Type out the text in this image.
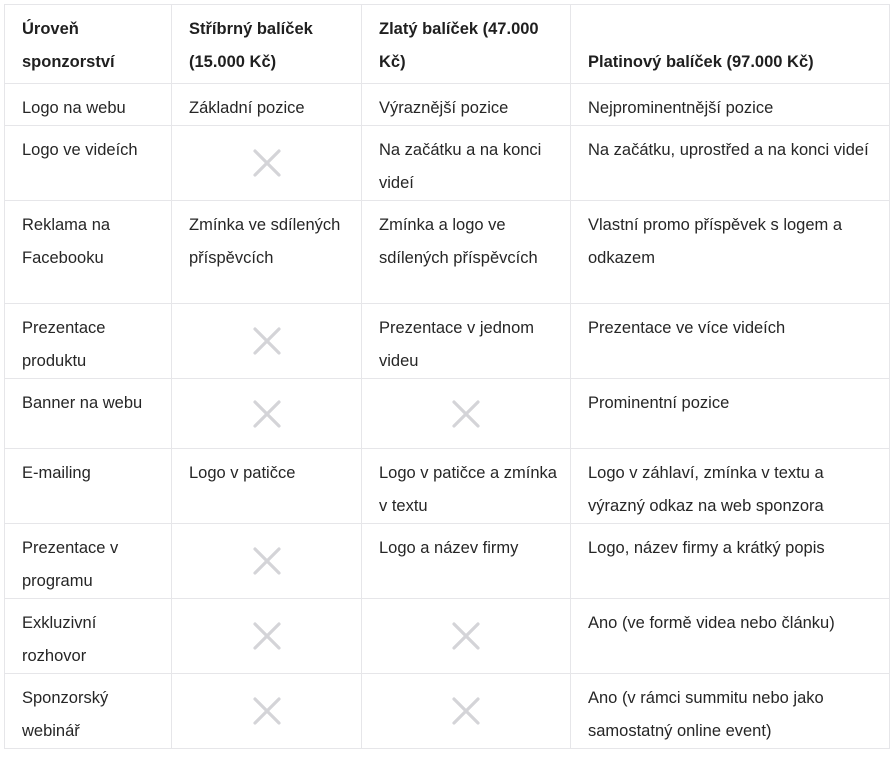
Úroveň sponzorství	Stříbrný balíček (15.000 Kč)	Zlatý balíček (47.000 Kč)	Platinový balíček (97.000 Kč)
Logo na webu	Základní pozice	Výraznější pozice	Nejprominentnější pozice
Logo ve videích		Na začátku a na konci videí	Na začátku, uprostřed a na konci videí
Reklama na Facebooku	Zmínka ve sdílených příspěvcích	Zmínka a logo ve sdílených příspěvcích	Vlastní promo příspěvek s logem a odkazem
Prezentace produktu		Prezentace v jednom videu	Prezentace ve více videích
Banner na webu			Prominentní pozice
E-mailing	Logo v patičce	Logo v patičce a zmínka v textu	Logo v záhlaví, zmínka v textu a výrazný odkaz na web sponzora
Prezentace v programu		Logo a název firmy	Logo, název firmy a krátký popis
Exkluzivní rozhovor			Ano (ve formě videa nebo článku)
Sponzorský webinář			Ano (v rámci summitu nebo jako samostatný online event)
